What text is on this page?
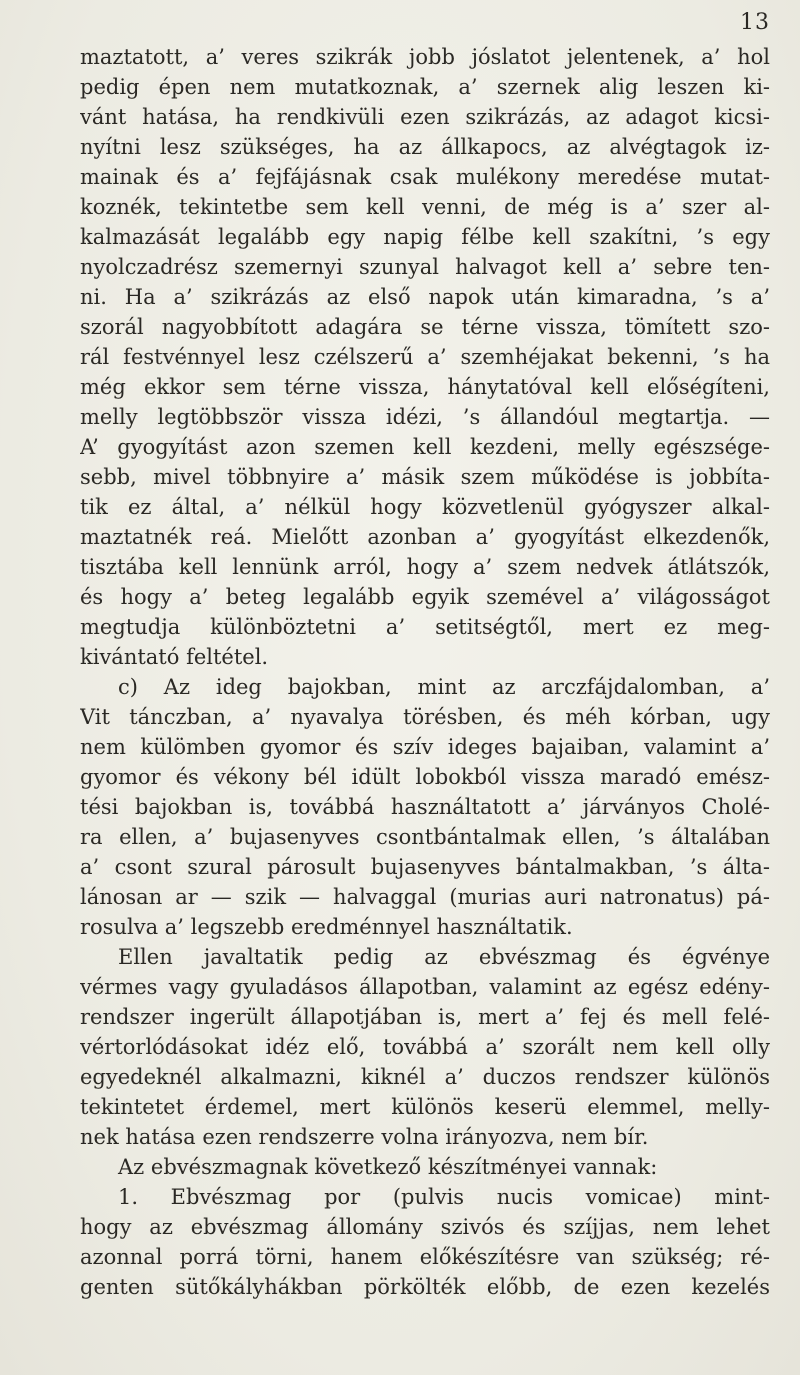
13
maztatott, a’ veres szikrák jobb jóslatot jelentenek, a’ hol
pedig épen nem mutatkoznak, a’ szernek alig leszen ki-
vánt hatása, ha rendkivüli ezen szikrázás, az adagot kicsi-
nyítni lesz szükséges, ha az állkapocs, az alvégtagok iz-
mainak és a’ fejfájásnak csak mulékony meredése mutat-
koznék, tekintetbe sem kell venni, de még is a’ szer al-
kalmazását legalább egy napig félbe kell szakítni, ’s egy
nyolczadrész szemernyi szunyal halvagot kell a’ sebre ten-
ni. Ha a’ szikrázás az első napok után kimaradna, ’s a’
szorál nagyobbított adagára se térne vissza, tömített szo-
rál festvénnyel lesz czélszerű a’ szemhéjakat bekenni, ’s ha
még ekkor sem térne vissza, hánytatóval kell előségíteni,
melly legtöbbször vissza idézi, ’s állandóul megtartja. —
A’ gyogyítást azon szemen kell kezdeni, melly egészsége-
sebb, mivel többnyire a’ másik szem működése is jobbíta-
tik ez által, a’ nélkül hogy közvetlenül gyógyszer alkal-
maztatnék reá. Mielőtt azonban a’ gyogyítást elkezdenők,
tisztába kell lennünk arról, hogy a’ szem nedvek átlátszók,
és hogy a’ beteg legalább egyik szemével a’ világosságot
megtudja különböztetni a’ setitségtől, mert ez meg-
kivántató feltétel.
c) Az ideg bajokban, mint az arczfájdalomban, a’
Vit tánczban, a’ nyavalya törésben, és méh kórban, ugy
nem külömben gyomor és szív ideges bajaiban, valamint a’
gyomor és vékony bél idült lobokból vissza maradó emész-
tési bajokban is, továbbá használtatott a’ járványos Cholé-
ra ellen, a’ bujasenyves csontbántalmak ellen, ’s általában
a’ csont szural párosult bujasenyves bántalmakban, ’s álta-
lánosan ar — szik — halvaggal (murias auri natronatus) pá-
rosulva a’ legszebb eredménnyel használtatik.
Ellen javaltatik pedig az ebvészmag és égvénye
vérmes vagy gyuladásos állapotban, valamint az egész edény-
rendszer ingerült állapotjában is, mert a’ fej és mell felé-
vértorlódásokat idéz elő, továbbá a’ szorált nem kell olly
egyedeknél alkalmazni, kiknél a’ duczos rendszer különös
tekintetet érdemel, mert különös keserü elemmel, melly-
nek hatása ezen rendszerre volna irányozva, nem bír.
Az ebvészmagnak következő készítményei vannak:
1. Ebvészmag por (pulvis nucis vomicae) mint-
hogy az ebvészmag állomány szivós és szíjjas, nem lehet
azonnal porrá törni, hanem előkészítésre van szükség; ré-
genten sütőkályhákban pörkölték előbb, de ezen kezelés
